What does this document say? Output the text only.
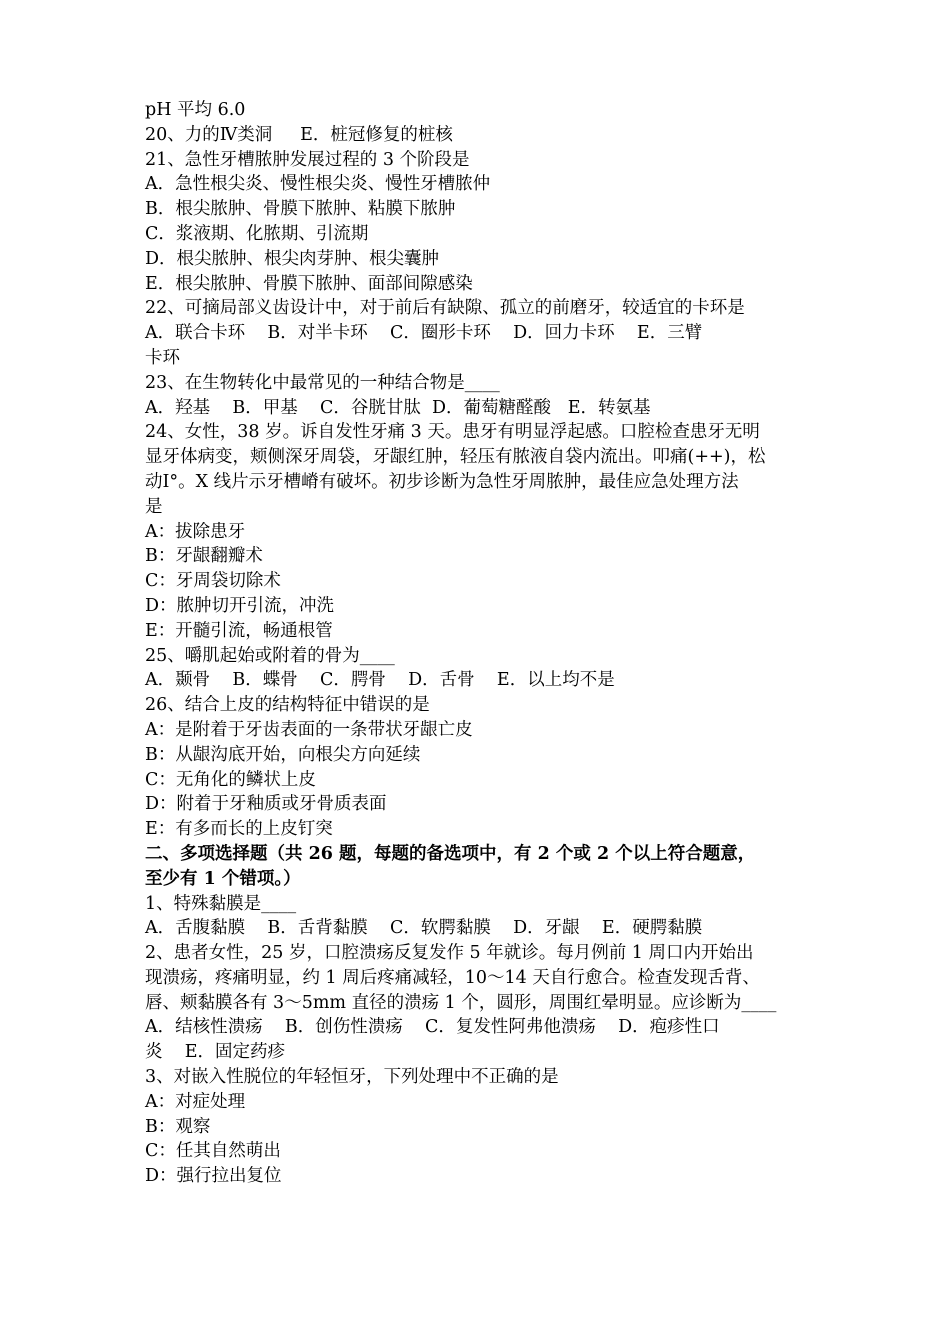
pH 平均 6.0
20、力的Ⅳ类洞     E．桩冠修复的桩核
21、急性牙槽脓肿发展过程的 3 个阶段是
A．急性根尖炎、慢性根尖炎、慢性牙槽脓仲
B．根尖脓肿、骨膜下脓肿、粘膜下脓肿
C．浆液期、化脓期、引流期
D．根尖脓肿、根尖肉芽肿、根尖囊肿
E．根尖脓肿、骨膜下脓肿、面部间隙感染
22、可摘局部义齿设计中，对于前后有缺隙、孤立的前磨牙，较适宜的卡环是
A．联合卡环    B．对半卡环    C．圈形卡环    D．回力卡环    E．三臂
卡环
23、在生物转化中最常见的一种结合物是____
A．羟基    B．甲基    C．谷胱甘肽  D．葡萄糖醛酸   E．转氨基
24、女性，38 岁。诉自发性牙痛 3 天。患牙有明显浮起感。口腔检查患牙无明
显牙体病变，颊侧深牙周袋，牙龈红肿，轻压有脓液自袋内流出。叩痛(++)，松
动Ⅰ°。X 线片示牙槽嵴有破坏。初步诊断为急性牙周脓肿，最佳应急处理方法
是
A：拔除患牙
B：牙龈翻瓣术
C：牙周袋切除术
D：脓肿切开引流，冲洗
E：开髓引流，畅通根管
25、嚼肌起始或附着的骨为____
A．颞骨    B．蝶骨    C．腭骨    D．舌骨    E．以上均不是
26、结合上皮的结构特征中错误的是
A：是附着于牙齿表面的一条带状牙龈亡皮
B：从龈沟底开始，向根尖方向延续
C：无角化的鳞状上皮
D：附着于牙釉质或牙骨质表面
E：有多而长的上皮钉突
二、多项选择题（共 26 题，每题的备选项中，有 2 个或 2 个以上符合题意，
至少有 1 个错项。）
1、特殊黏膜是____
A．舌腹黏膜    B．舌背黏膜    C．软腭黏膜    D．牙龈    E．硬腭黏膜
2、患者女性，25 岁，口腔溃疡反复发作 5 年就诊。每月例前 1 周口内开始出
现溃疡，疼痛明显，约 1 周后疼痛减轻，10～14 天自行愈合。检查发现舌背、
唇、颊黏膜各有 3～5mm 直径的溃疡 1 个，圆形，周围红晕明显。应诊断为____
A．结核性溃疡    B．创伤性溃疡    C．复发性阿弗他溃疡    D．疱疹性口
炎    E．固定药疹
3、对嵌入性脱位的年轻恒牙，下列处理中不正确的是
A：对症处理
B：观察
C：任其自然萌出
D：强行拉出复位
